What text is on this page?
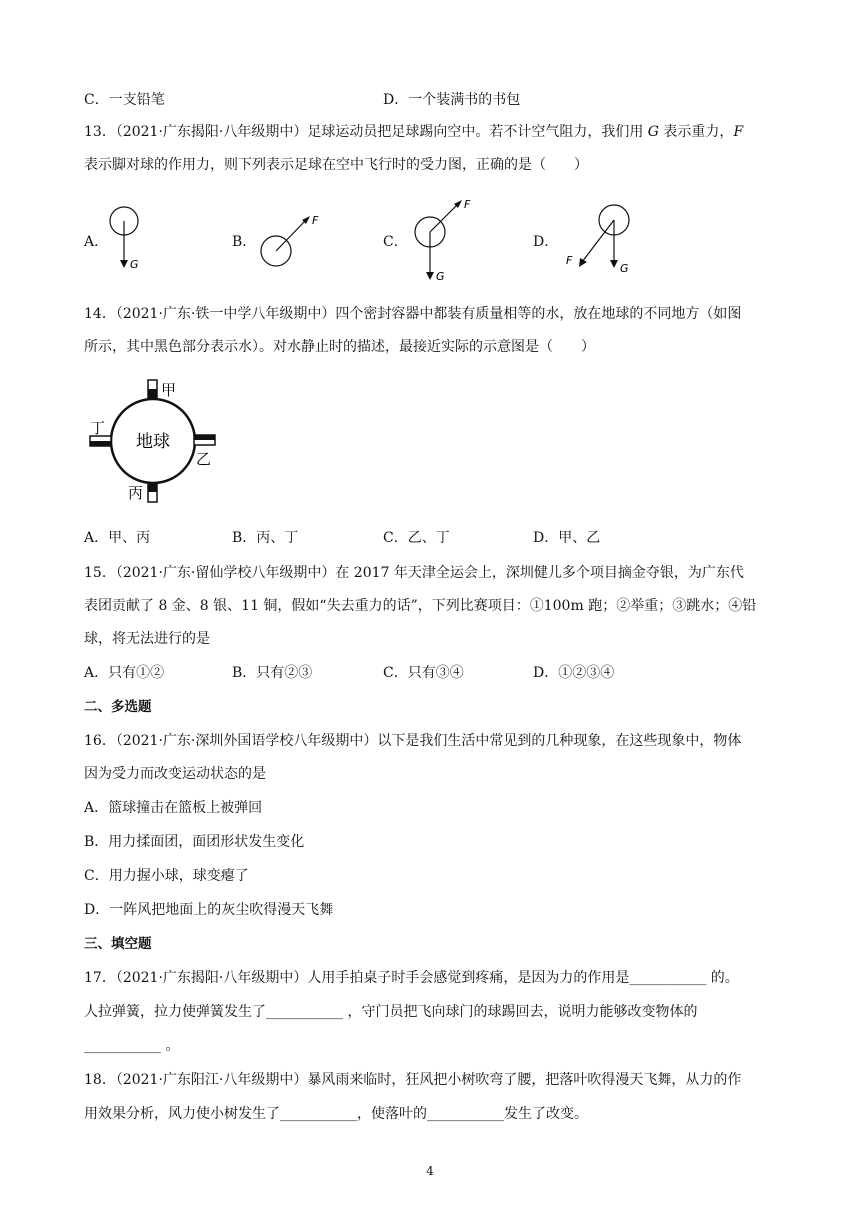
C．一支铅笔	D．一个装满书的书包
13．（2021·广东揭阳·八年级期中）足球运动员把足球踢向空中。若不计空气阻力，我们用 G 表示重力，F
表示脚对球的作用力，则下列表示足球在空中飞行时的受力图，正确的是（　　）
A．	B．	C．	D．
G
F
F
G
F
G
14．（2021·广东·铁一中学八年级期中）四个密封容器中都装有质量相等的水，放在地球的不同地方（如图
所示，其中黑色部分表示水）。对水静止时的描述，最接近实际的示意图是（　　）
地球
甲
乙
丙
丁
A．甲、丙	B．丙、丁	C．乙、丁	D．甲、乙
15．（2021·广东·留仙学校八年级期中）在 2017 年天津全运会上，深圳健儿多个项目摘金夺银，为广东代
表团贡献了 8 金、8 银、11 铜，假如“失去重力的话”，下列比赛项目：①100m 跑；②举重；③跳水；④铅
球，将无法进行的是
A．只有①②	B．只有②③	C．只有③④	D．①②③④
二、多选题
16．（2021·广东·深圳外国语学校八年级期中）以下是我们生活中常见到的几种现象，在这些现象中，物体
因为受力而改变运动状态的是
A．篮球撞击在篮板上被弹回
B．用力揉面团，面团形状发生变化
C．用力握小球，球变瘪了
D．一阵风把地面上的灰尘吹得漫天飞舞
三、填空题
17．（2021·广东揭阳·八年级期中）人用手拍桌子时手会感觉到疼痛，是因为力的作用是___________ 的。
人拉弹簧，拉力使弹簧发生了___________ ，守门员把飞向球门的球踢回去，说明力能够改变物体的
___________ 。
18．（2021·广东阳江·八年级期中）暴风雨来临时，狂风把小树吹弯了腰，把落叶吹得漫天飞舞，从力的作
用效果分析，风力使小树发生了___________，使落叶的___________发生了改变。
4
